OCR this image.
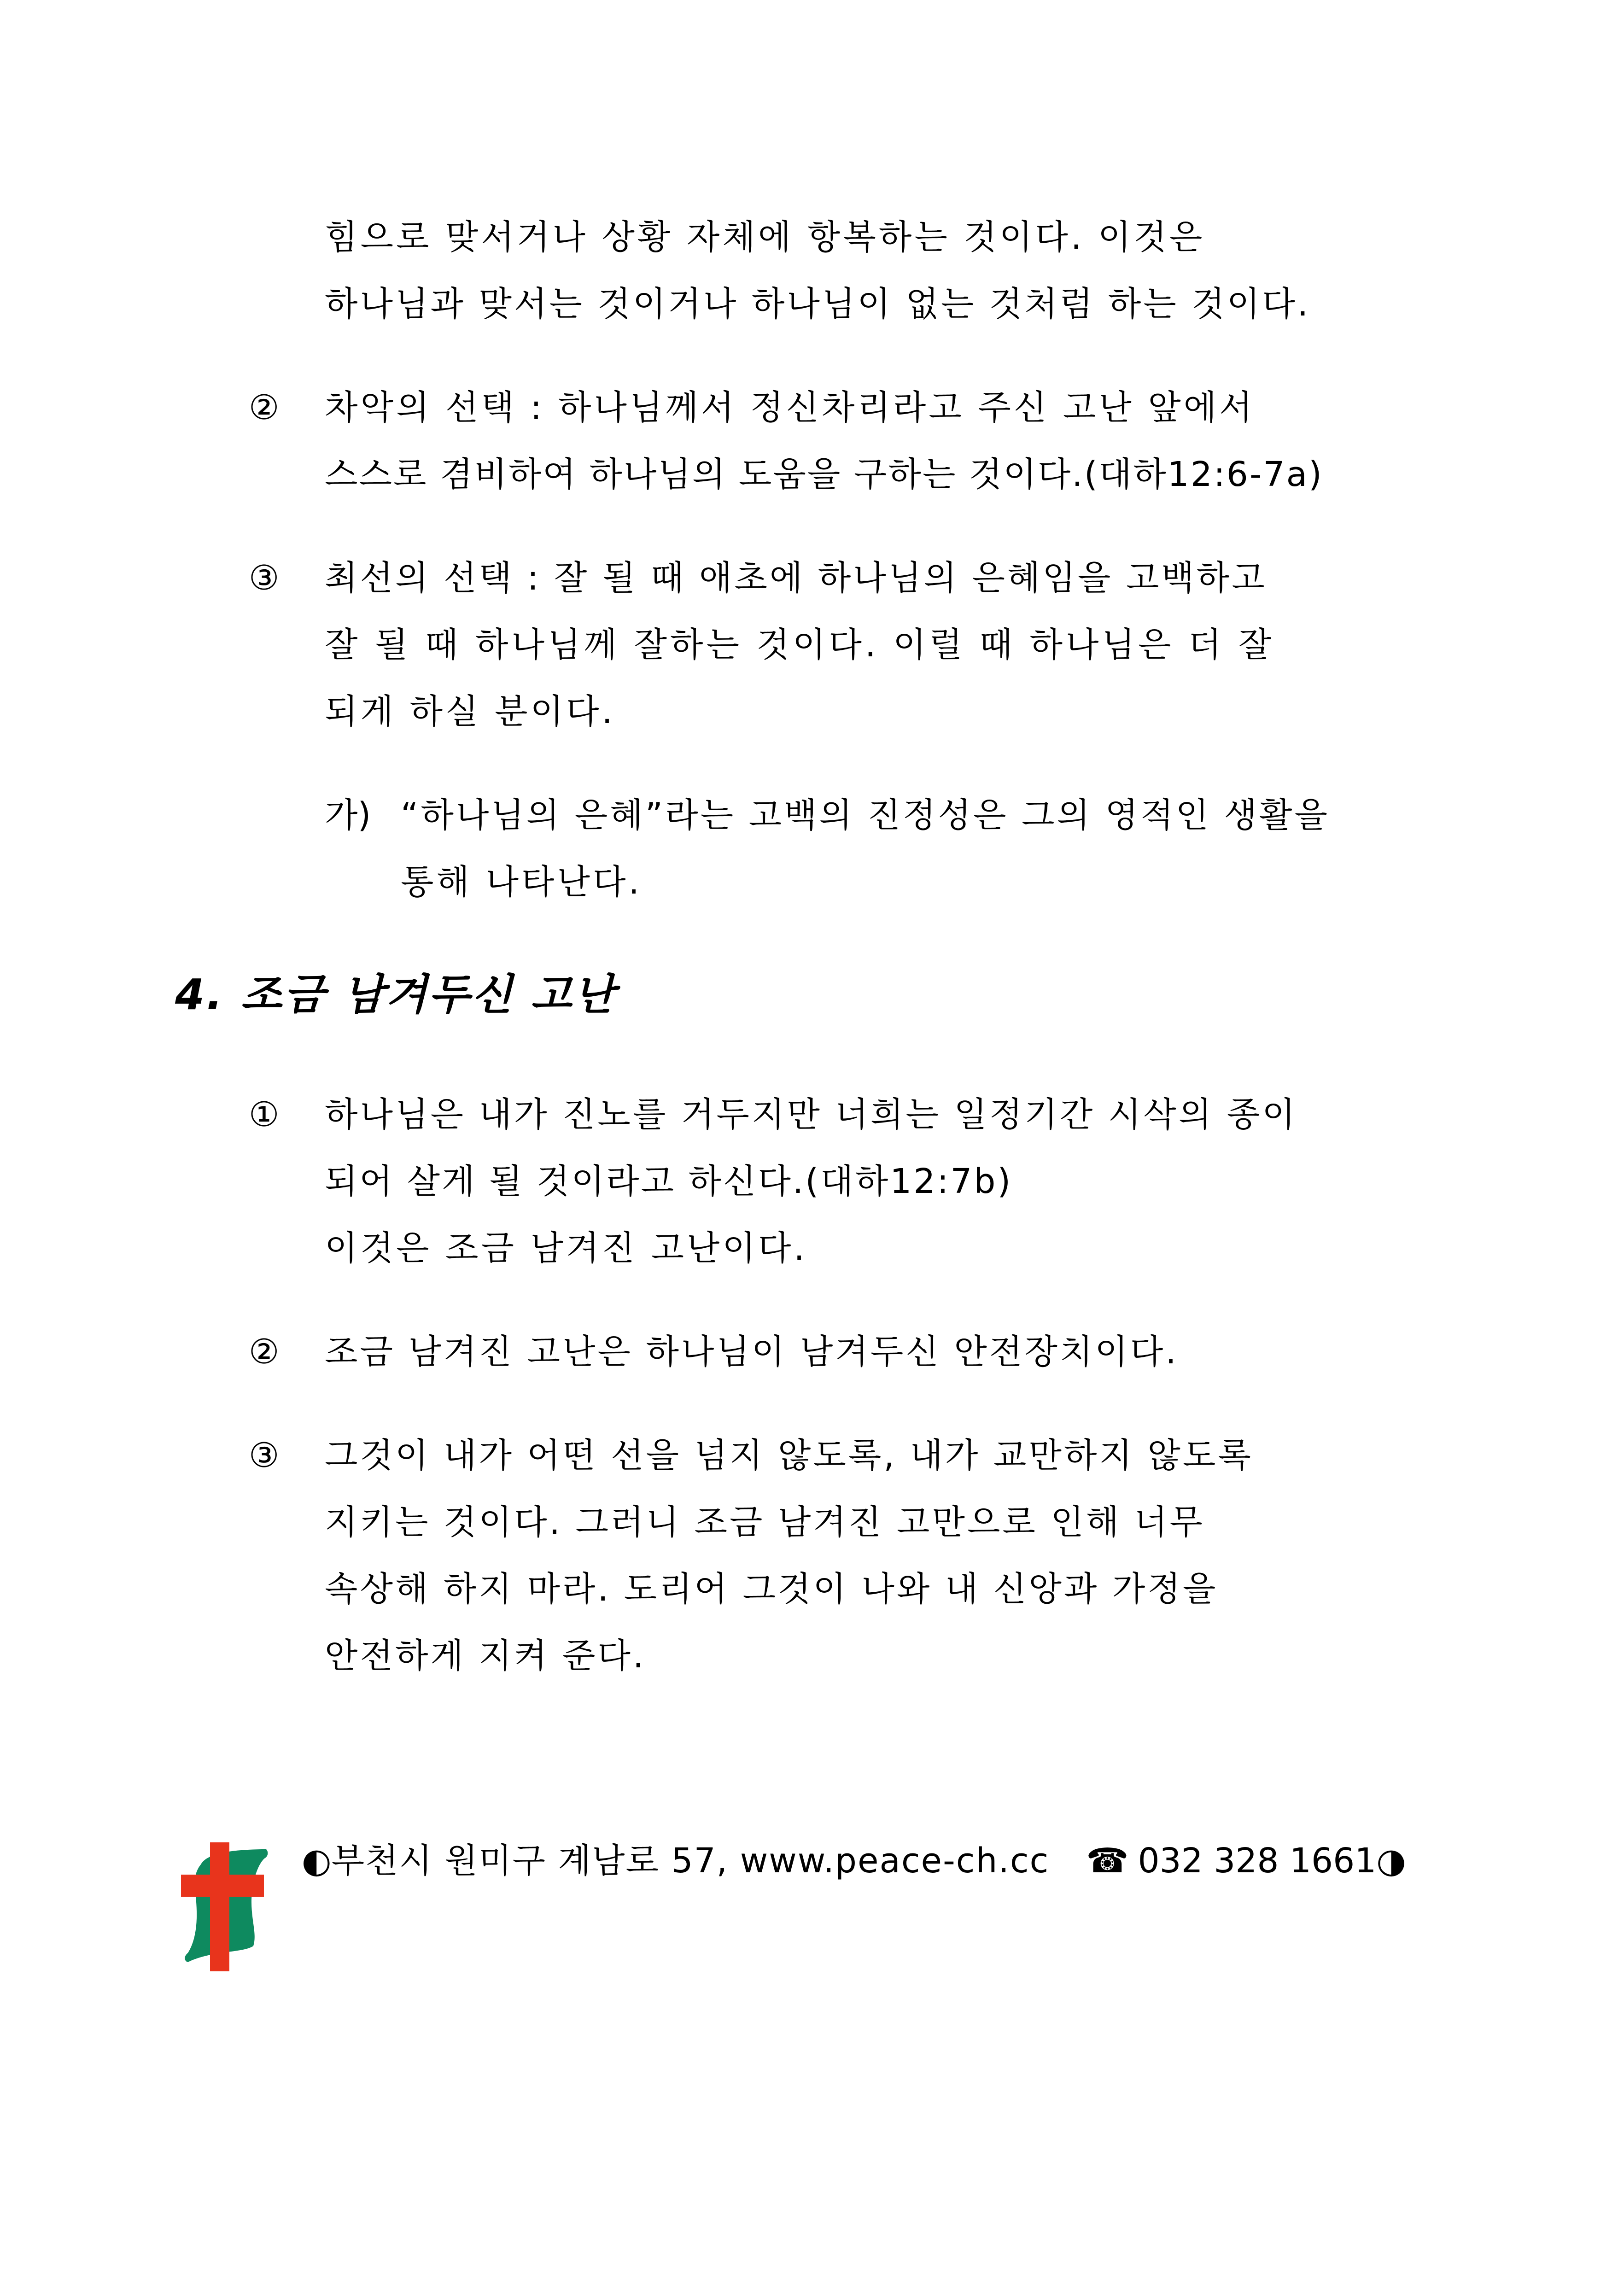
힘으로 맞서거나 상황 자체에 항복하는 것이다. 이것은
하나님과 맞서는 것이거나 하나님이 없는 것처럼 하는 것이다.
② 차악의 선택 : 하나님께서 정신차리라고 주신 고난 앞에서
스스로 겸비하여 하나님의 도움을 구하는 것이다.(대하12:6-7a)
③ 최선의 선택 : 잘 될 때 애초에 하나님의 은혜임을 고백하고
잘 될 때 하나님께 잘하는 것이다. 이럴 때 하나님은 더 잘
되게 하실 분이다.
가) “하나님의 은혜”라는 고백의 진정성은 그의 영적인 생활을
통해 나타난다.
4. 조금 남겨두신 고난
① 하나님은 내가 진노를 거두지만 너희는 일정기간 시삭의 종이
되어 살게 될 것이라고 하신다.(대하12:7b)
이것은 조금 남겨진 고난이다.
② 조금 남겨진 고난은 하나님이 남겨두신 안전장치이다.
③ 그것이 내가 어떤 선을 넘지 않도록, 내가 교만하지 않도록
지키는 것이다. 그러니 조금 남겨진 고만으로 인해 너무
속상해 하지 마라. 도리어 그것이 나와 내 신앙과 가정을
안전하게 지켜 준다.
◐부천시 원미구 계남로 57, www.peace-ch.cc ☎ 032 328 1661◑
